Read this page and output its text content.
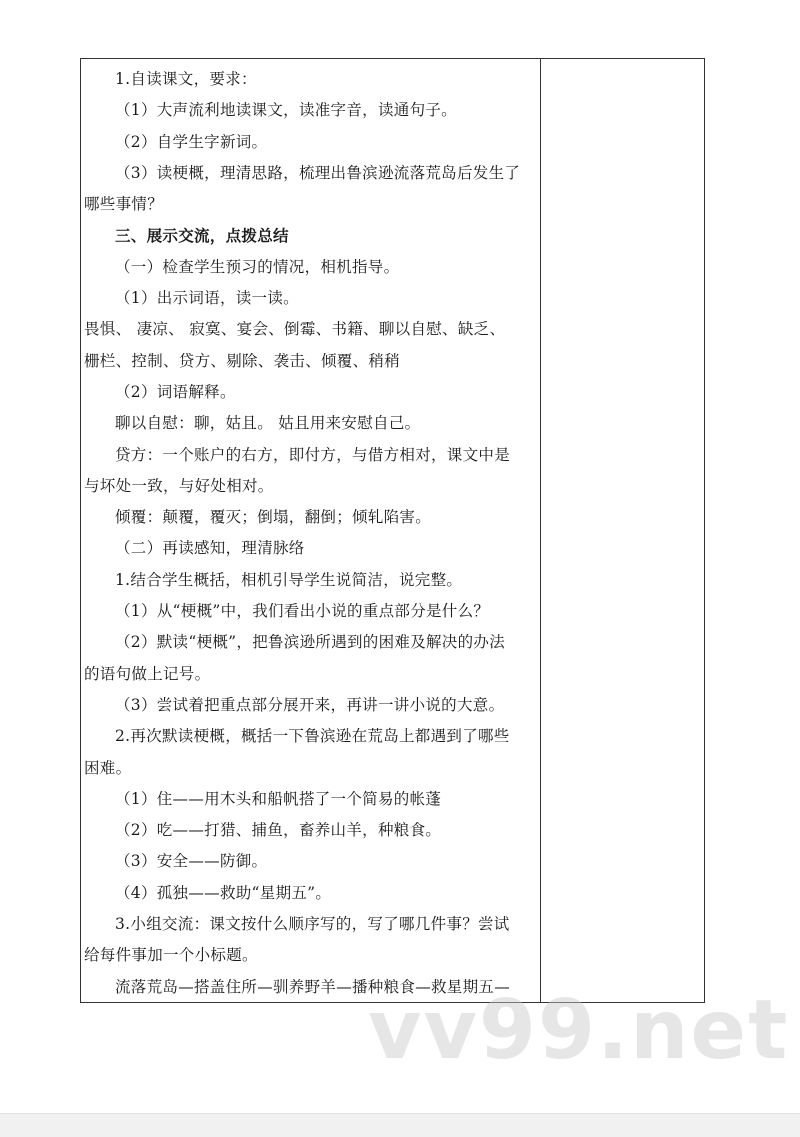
1.自读课文，要求：
（1）大声流利地读课文，读准字音，读通句子。
（2）自学生字新词。
（3）读梗概，理清思路，梳理出鲁滨逊流落荒岛后发生了
哪些事情？
三、展示交流，点拨总结
（一）检查学生预习的情况，相机指导。
（1）出示词语，读一读。
畏惧、 凄凉、 寂寞、宴会、倒霉、书籍、聊以自慰、缺乏、
栅栏、控制、贷方、剔除、袭击、倾覆、稍稍
（2）词语解释。
聊以自慰：聊，姑且。 姑且用来安慰自己。
贷方：一个账户的右方，即付方，与借方相对，课文中是
与坏处一致，与好处相对。
倾覆：颠覆，覆灭；倒塌，翻倒；倾轧陷害。
（二）再读感知，理清脉络
1.结合学生概括，相机引导学生说简洁，说完整。
（1）从“梗概”中，我们看出小说的重点部分是什么？
（2）默读“梗概”，把鲁滨逊所遇到的困难及解决的办法
的语句做上记号。
（3）尝试着把重点部分展开来，再讲一讲小说的大意。
2.再次默读梗概，概括一下鲁滨逊在荒岛上都遇到了哪些
困难。
（1）住——用木头和船帆搭了一个简易的帐蓬
（2）吃——打猎、捕鱼，畜养山羊，种粮食。
（3）安全——防御。
（4）孤独——救助“星期五”。
3.小组交流：课文按什么顺序写的，写了哪几件事？尝试
给每件事加一个小标题。
流落荒岛—搭盖住所—驯养野羊—播种粮食—救星期五—
vv99.net
